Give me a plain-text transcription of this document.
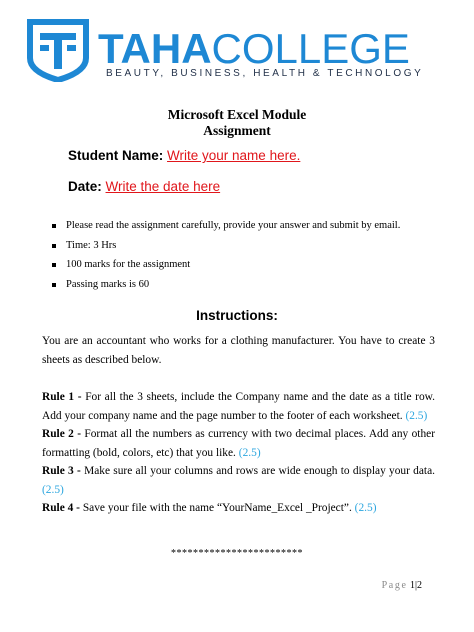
TAHACOLLEGE
BEAUTY, BUSINESS, HEALTH & TECHNOLOGY
Microsoft Excel Module
Assignment
Student Name: Write your name here.
Date: Write the date here
Please read the assignment carefully, provide your answer and submit by email.
Time: 3 Hrs
100 marks for the assignment
Passing marks is 60
Instructions:
You are an accountant who works for a clothing manufacturer. You have to create 3 sheets as described below.

Rule 1 - For all the 3 sheets, include the Company name and the date as a title row. Add your company name and the page number to the footer of each worksheet. (2.5)

Rule 2 - Format all the numbers as currency with two decimal places. Add any other formatting (bold, colors, etc) that you like. (2.5)

Rule 3 - Make sure all your columns and rows are wide enough to display your data. (2.5)

Rule 4 - Save your file with the name “YourName_Excel _Project”. (2.5)

************************
Page 1|2
